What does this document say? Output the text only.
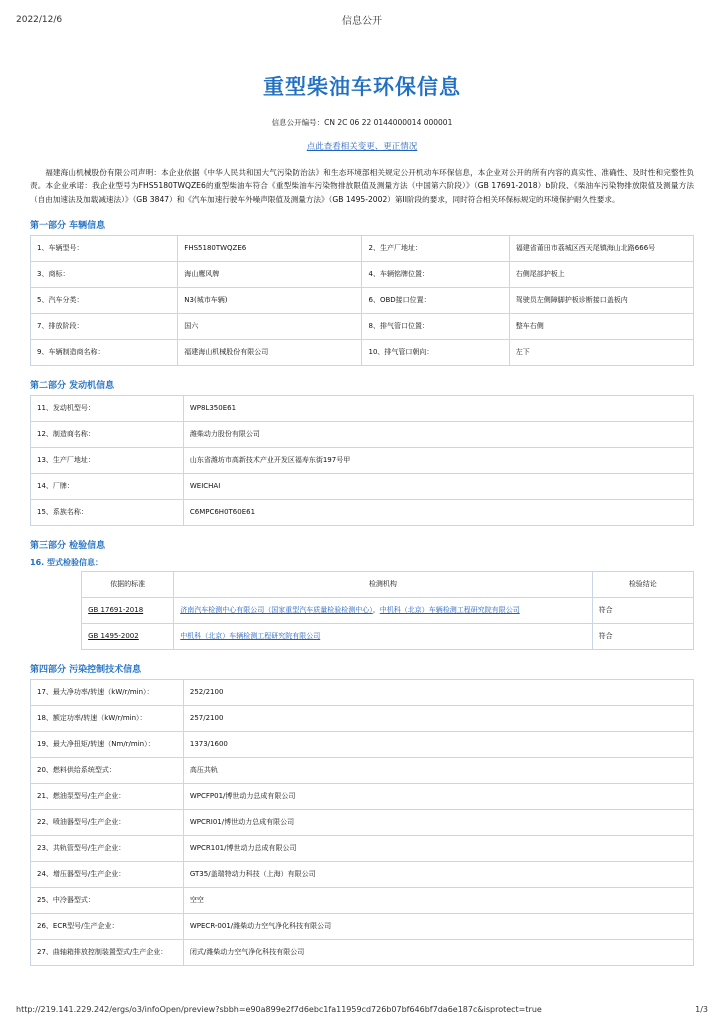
2022/12/6	信息公开
重型柴油车环保信息
信息公开编号：CN 2C 06 22 0144000014 000001
点此查看相关变更、更正情况
福建海山机械股份有限公司声明：本企业依据《中华人民共和国大气污染防治法》和生态环境部相关规定公开机动车环保信息，本企业对公开的所有内容的真实性、准确性、及时性和完整性负责。本企业承诺：我企业型号为FHS5180TWQZE6的重型柴油车符合《重型柴油车污染物排放限值及测量方法（中国第六阶段）》（GB 17691-2018）b阶段、《柴油车污染物排放限值及测量方法（自由加速法及加载减速法）》（GB 3847）和《汽车加速行驶车外噪声限值及测量方法》（GB 1495-2002）第II阶段的要求，同时符合相关环保标规定的环境保护耐久性要求。
第一部分 车辆信息
1、车辆型号：	FHS5180TWQZE6	2、生产厂地址：	福建省莆田市荔城区西天尾镇海山北路666号
3、商标：	海山鹰风牌	4、车辆铭牌位置：	右侧尾部护板上
5、汽车分类：	N3(城市车辆)	6、OBD接口位置：	驾驶员左侧障脚护板诊断接口盖板内
7、排放阶段：	国六	8、排气管口位置：	整车右侧
9、车辆制造商名称：	福建海山机械股份有限公司	10、排气管口朝向：	左下
第二部分 发动机信息
11、发动机型号：	WP8L350E61
12、制造商名称：	潍柴动力股份有限公司
13、生产厂地址：	山东省潍坊市高新技术产业开发区福寿东街197号甲
14、厂牌：	WEICHAI
15、系族名称：	C6MPC6H0T60E61
第三部分 检验信息
16. 型式检验信息：
	依据的标准	检测机构	检验结论
	GB 17691-2018	济南汽车检测中心有限公司（国家重型汽车质量检验检测中心），中机科（北京）车辆检测工程研究院有限公司	符合
	GB 1495-2002	中机科（北京）车辆检测工程研究院有限公司	符合
第四部分 污染控制技术信息
17、最大净功率/转速（kW/r/min）：	252/2100
18、额定功率/转速（kW/r/min）：	257/2100
19、最大净扭矩/转速（Nm/r/min）：	1373/1600
20、燃料供给系统型式：	高压共轨
21、燃油泵型号/生产企业：	WPCFP01/博世动力总成有限公司
22、喷油器型号/生产企业：	WPCRI01/博世动力总成有限公司
23、共轨管型号/生产企业：	WPCR101/博世动力总成有限公司
24、增压器型号/生产企业：	GT35/盖瑞特动力科技（上海）有限公司
25、中冷器型式：	空空
26、ECR型号/生产企业：	WPECR-001/潍柴动力空气净化科技有限公司
27、曲轴箱排放控制装置型式/生产企业：	闭式/潍柴动力空气净化科技有限公司
http://219.141.229.242/ergs/o3/infoOpen/preview?sbbh=e90a899e2f7d6ebc1fa11959cd726b07bf646bf7da6e187c&isprotect=true	1/3
